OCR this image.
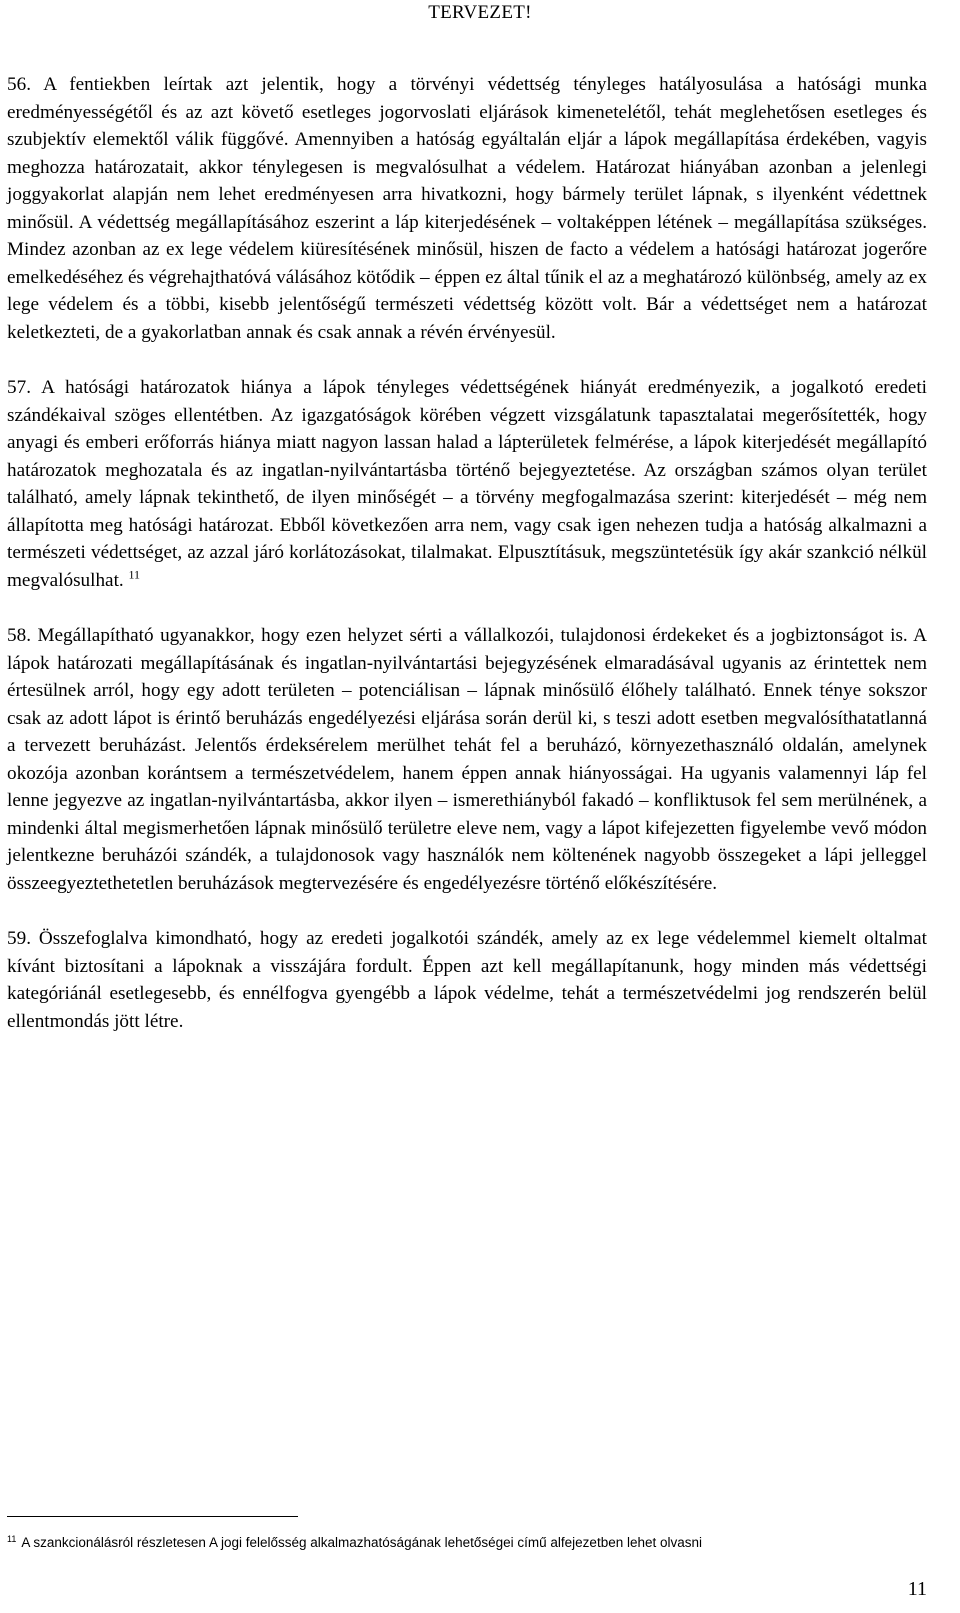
TERVEZET!

56. A fentiekben leírtak azt jelentik, hogy a törvényi védettség tényleges hatályosulása a hatósági munka eredményességétől és az azt követő esetleges jogorvoslati eljárások kimenetelétől, tehát meglehetősen esetleges és szubjektív elemektől válik függővé. Amennyiben a hatóság egyáltalán eljár a lápok megállapítása érdekében, vagyis meghozza határozatait, akkor ténylegesen is megvalósulhat a védelem. Határozat hiányában azonban a jelenlegi joggyakorlat alapján nem lehet eredményesen arra hivatkozni, hogy bármely terület lápnak, s ilyenként védettnek minősül. A védettség megállapításához eszerint a láp kiterjedésének – voltaképpen létének – megállapítása szükséges. Mindez azonban az ex lege védelem kiüresítésének minősül, hiszen de facto a védelem a hatósági határozat jogerőre emelkedéséhez és végrehajthatóvá válásához kötődik – éppen ez által tűnik el az a meghatározó különbség, amely az ex lege védelem és a többi, kisebb jelentőségű természeti védettség között volt. Bár a védettséget nem a határozat keletkezteti, de a gyakorlatban annak és csak annak a révén érvényesül.

57. A hatósági határozatok hiánya a lápok tényleges védettségének hiányát eredményezik, a jogalkotó eredeti szándékaival szöges ellentétben. Az igazgatóságok körében végzett vizsgálatunk tapasztalatai megerősítették, hogy anyagi és emberi erőforrás hiánya miatt nagyon lassan halad a lápterületek felmérése, a lápok kiterjedését megállapító határozatok meghozatala és az ingatlan-nyilvántartásba történő bejegyeztetése. Az országban számos olyan terület található, amely lápnak tekinthető, de ilyen minőségét – a törvény megfogalmazása szerint: kiterjedését – még nem állapította meg hatósági határozat. Ebből következően arra nem, vagy csak igen nehezen tudja a hatóság alkalmazni a természeti védettséget, az azzal járó korlátozásokat, tilalmakat. Elpusztításuk, megszüntetésük így akár szankció nélkül megvalósulhat. $^{11}$

58. Megállapítható ugyanakkor, hogy ezen helyzet sérti a vállalkozói, tulajdonosi érdekeket és a jogbiztonságot is. A lápok határozati megállapításának és ingatlan-nyilvántartási bejegyzésének elmaradásával ugyanis az érintettek nem értesülnek arról, hogy egy adott területen – potenciálisan – lápnak minősülő élőhely található. Ennek ténye sokszor csak az adott lápot is érintő beruházás engedélyezési eljárása során derül ki, s teszi adott esetben megvalósíthatatlanná a tervezett beruházást. Jelentős érdeksérelem merülhet tehát fel a beruházó, környezethasználó oldalán, amelynek okozója azonban korántsem a természetvédelem, hanem éppen annak hiányosságai. Ha ugyanis valamennyi láp fel lenne jegyezve az ingatlan-nyilvántartásba, akkor ilyen – ismerethiányból fakadó – konfliktusok fel sem merülnének, a mindenki által megismerhetően lápnak minősülő területre eleve nem, vagy a lápot kifejezetten figyelembe vevő módon jelentkezne beruházói szándék, a tulajdonosok vagy használók nem költenének nagyobb összegeket a lápi jelleggel összeegyeztethetetlen beruházások megtervezésére és engedélyezésre történő előkészítésére.

59. Összefoglalva kimondható, hogy az eredeti jogalkotói szándék, amely az ex lege védelemmel kiemelt oltalmat kívánt biztosítani a lápoknak a visszájára fordult. Éppen azt kell megállapítanunk, hogy minden más védettségi kategóriánál esetlegesebb, és ennélfogva gyengébb a lápok védelme, tehát a természetvédelmi jog rendszerén belül ellentmondás jött létre.

$^{11}$ A szankcionálásról részletesen A jogi felelősség alkalmazhatóságának lehetőségei című alfejezetben lehet olvasni
11
